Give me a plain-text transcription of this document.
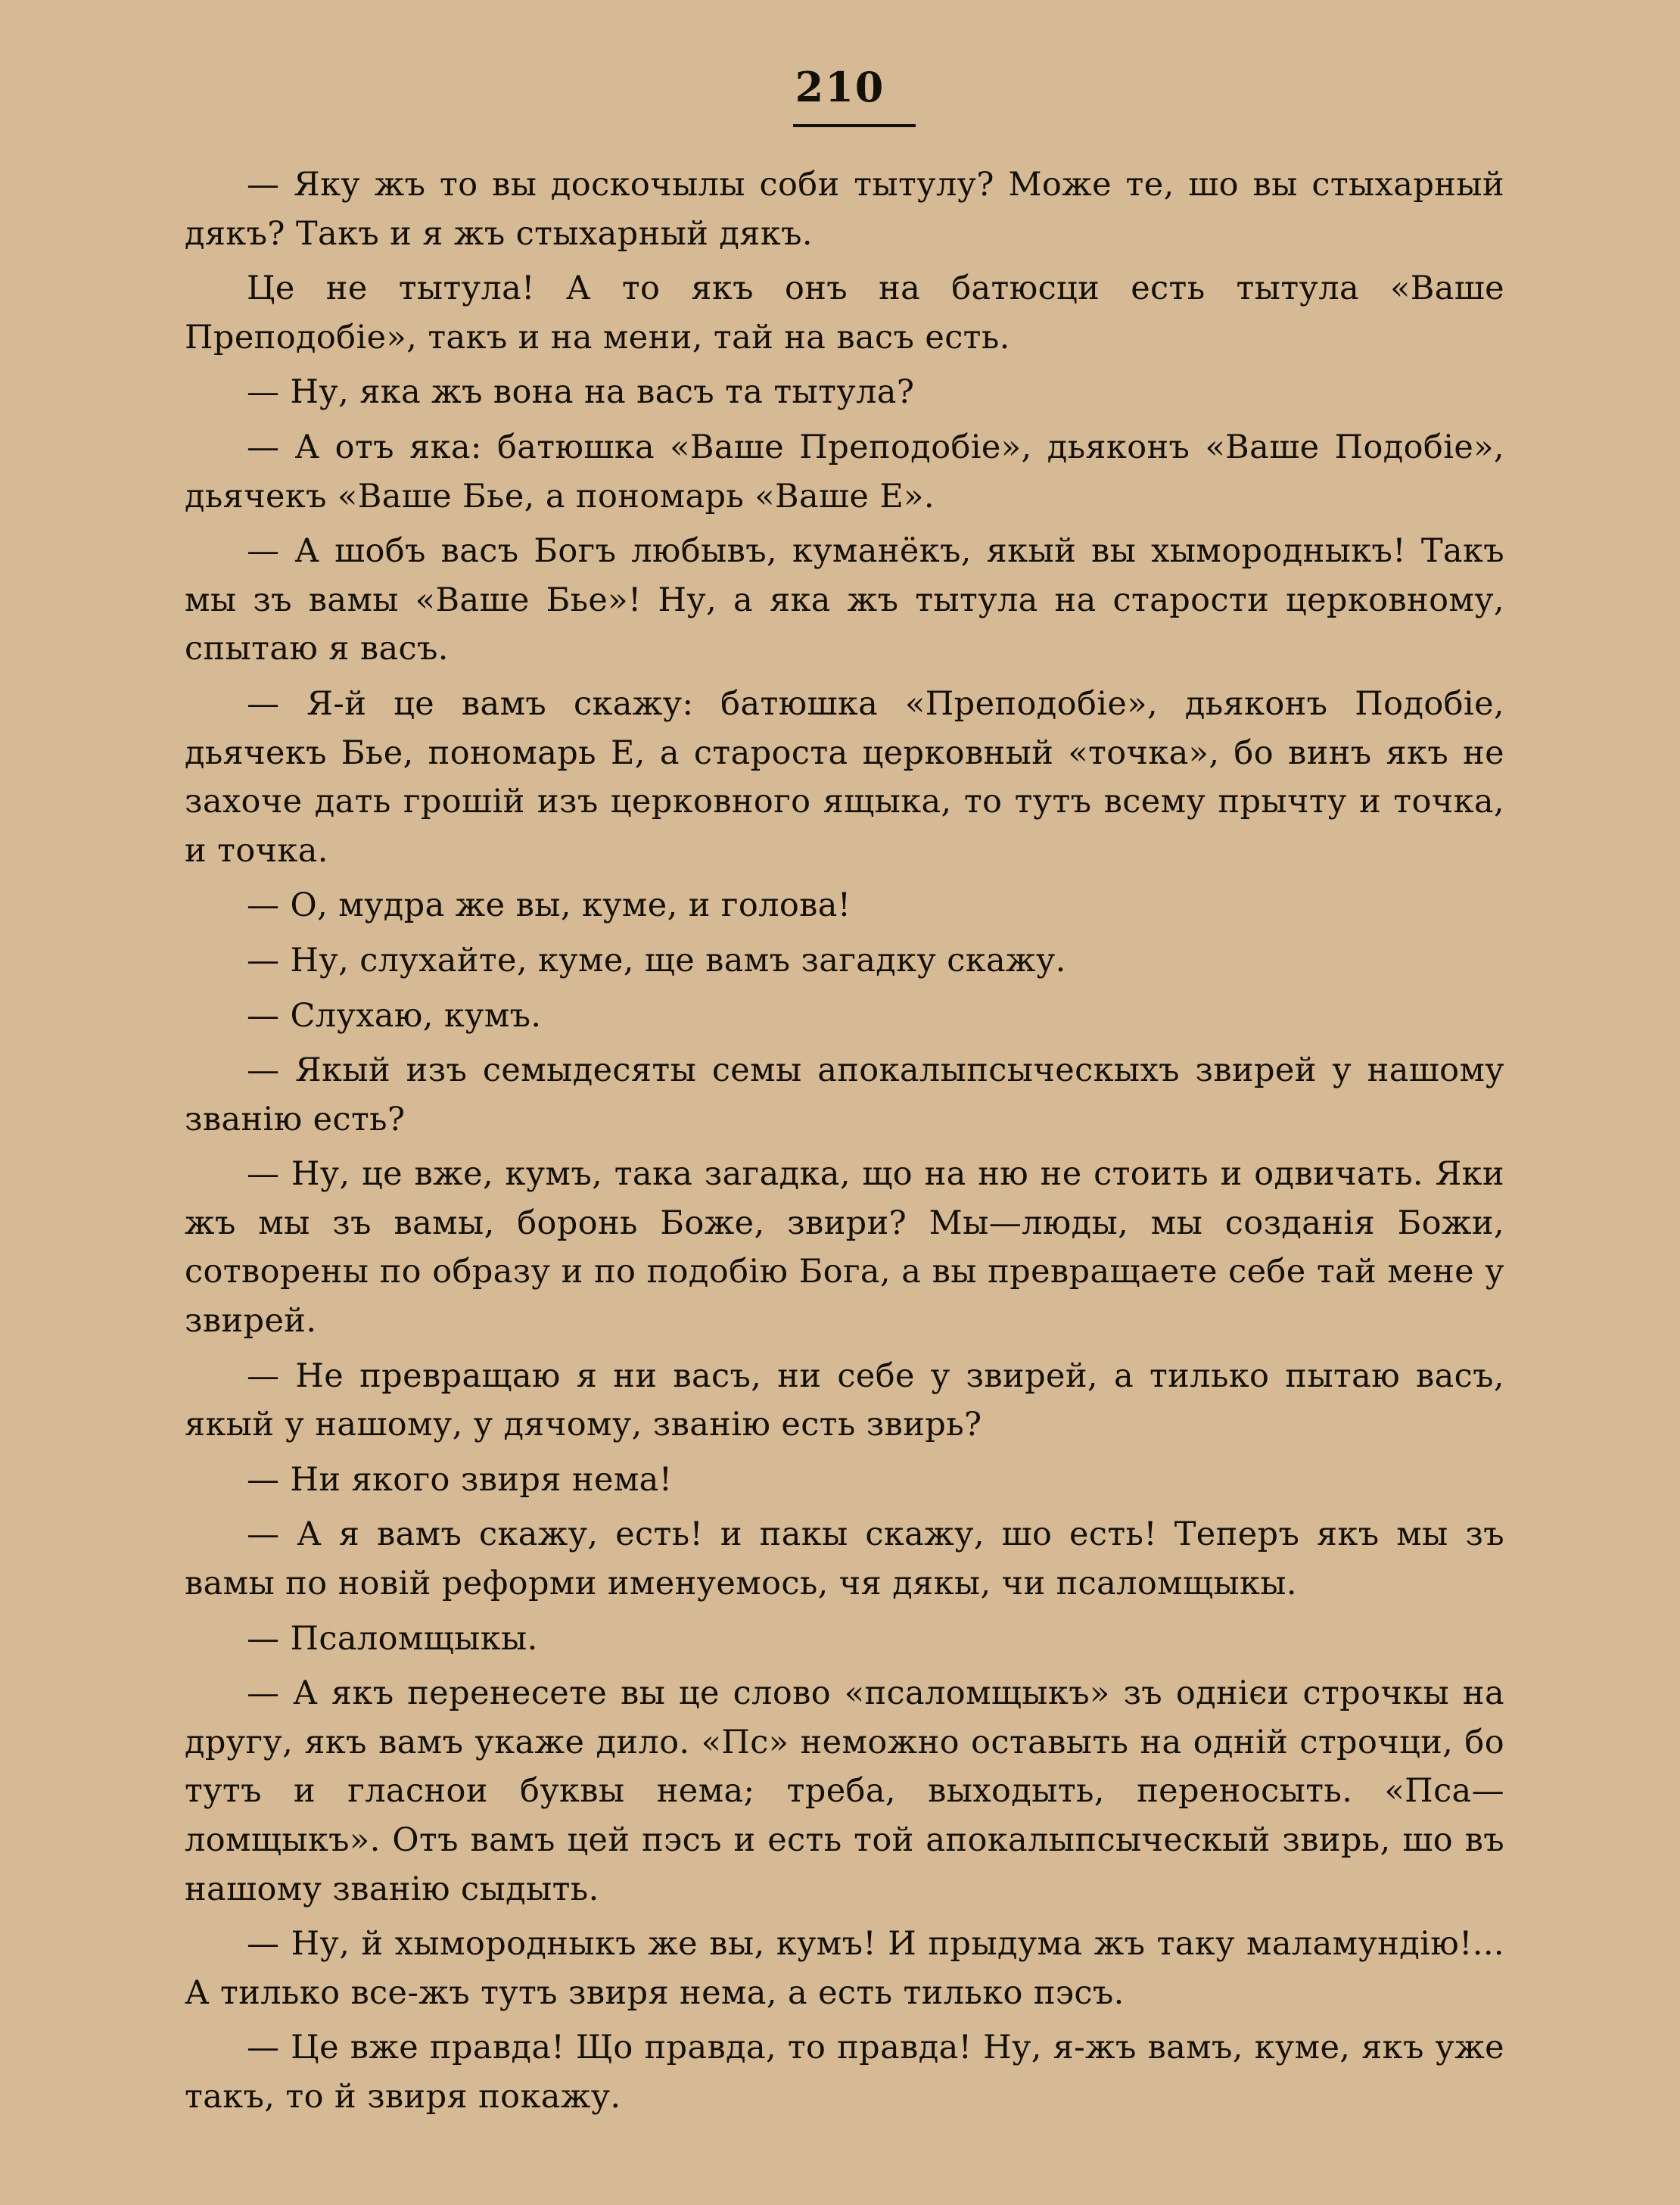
210

— Яку жъ то вы доскочылы соби тытулу? Може те, шо вы стыхарный дякъ? Такъ и я жъ стыхарный дякъ.

Це не тытула! А то якъ онъ на батюсци есть тытула «Ваше Преподобіе», такъ и на мени, тай на васъ есть.

— Ну, яка жъ вона на васъ та тытула?

— А отъ яка: батюшка «Ваше Преподобіе», дьяконъ «Ваше Подобіе», дьячекъ «Ваше Бье, а пономарь «Ваше Е».

— А шобъ васъ Богъ любывъ, куманёкъ, якый вы хымородныкъ! Такъ мы зъ вамы «Ваше Бье»! Ну, а яка жъ тытула на старости церковному, спытаю я васъ.

— Я-й це вамъ скажу: батюшка «Преподобіе», дьяконъ Подобіе, дьячекъ Бье, пономарь Е, а староста церковный «точка», бо винъ якъ не захоче дать грошій изъ церковного ящыка, то тутъ всему прычту и точка, и точка.

— О, мудра же вы, куме, и голова!

— Ну, слухайте, куме, ще вамъ загадку скажу.

— Слухаю, кумъ.

— Якый изъ семыдесяты семы апокалыпсыческыхъ звирей у нашому званію есть?

— Ну, це вже, кумъ, така загадка, що на ню не стоить и одвичать. Яки жъ мы зъ вамы, боронь Боже, звири? Мы—люды, мы созданія Божи, сотворены по образу и по подобію Бога, а вы превращаете себе тай мене у звирей.

— Не превращаю я ни васъ, ни себе у звирей, а тилько пытаю васъ, якый у нашому, у дячому, званію есть звирь?

— Ни якого звиря нема!

— А я вамъ скажу, есть! и пакы скажу, шо есть! Теперъ якъ мы зъ вамы по новій реформи именуемось, чя дякы, чи псаломщыкы.

— Псаломщыкы.

— А якъ перенесете вы це слово «псаломщыкъ» зъ однієи строчкы на другу, якъ вамъ укаже дило. «Пс» неможно оставыть на одній строчци, бо тутъ и гласнои буквы нема; треба, выходыть, переносыть. «Пса—ломщыкъ». Отъ вамъ цей пэсъ и есть той апокалыпсыческый звирь, шо въ нашому званію сыдыть.

— Ну, й хымородныкъ же вы, кумъ! И прыдума жъ таку маламундію!... А тилько все-жъ тутъ звиря нема, а есть тилько пэсъ.

— Це вже правда! Що правда, то правда! Ну, я-жъ вамъ, куме, якъ уже такъ, то й звиря покажу.
